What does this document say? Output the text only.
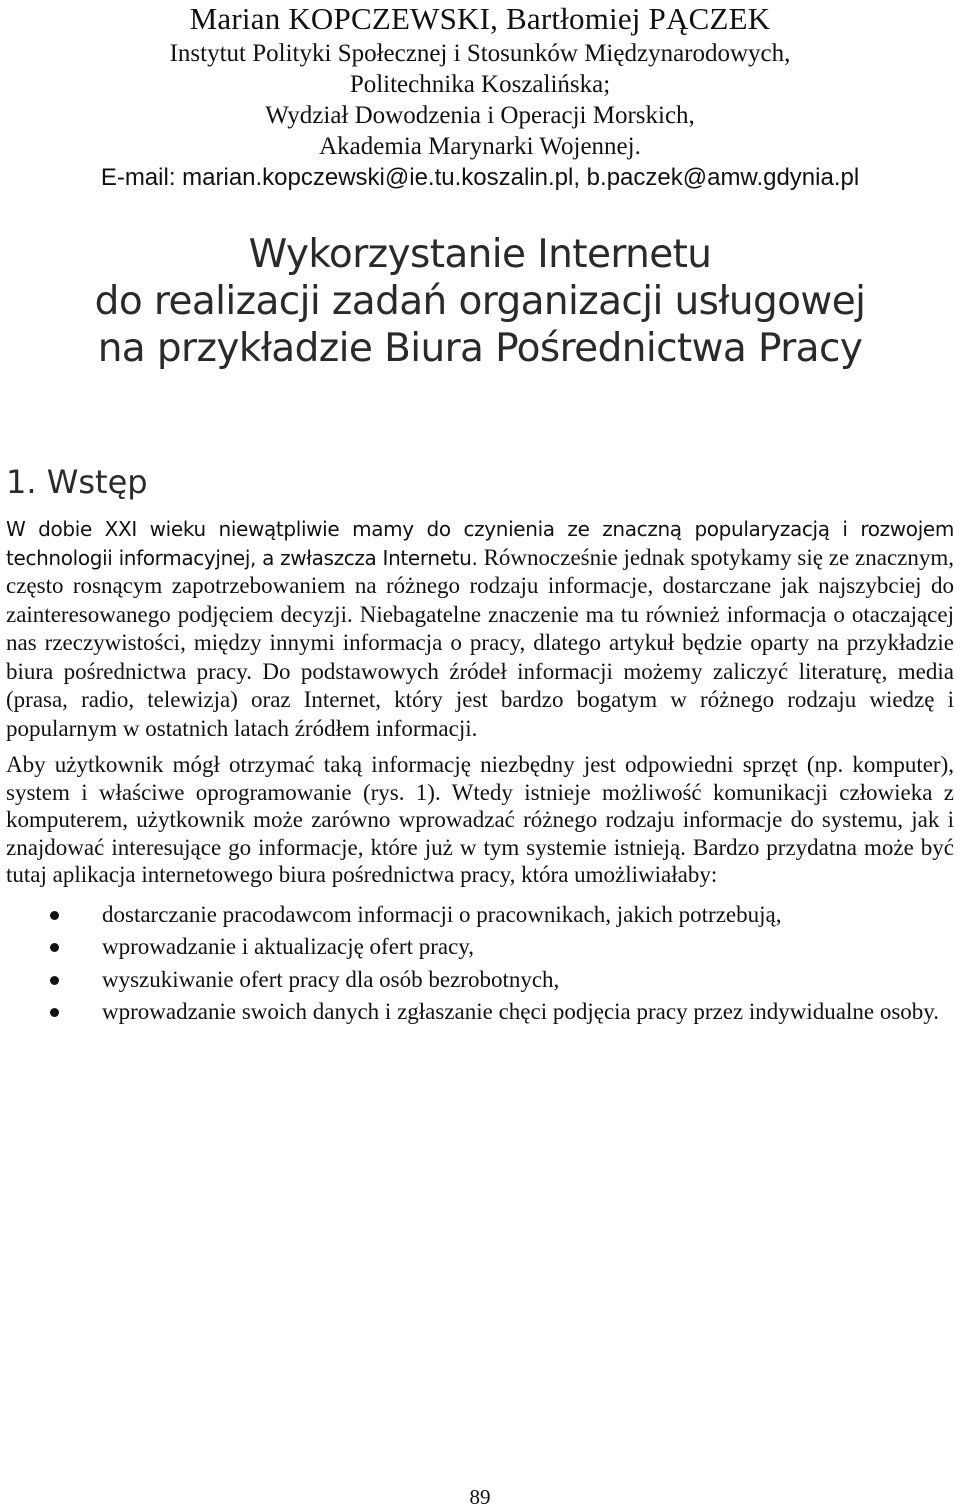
Marian KOPCZEWSKI, Bartłomiej PĄCZEK
Instytut Polityki Społecznej i Stosunków Międzynarodowych,
Politechnika Koszalińska;
Wydział Dowodzenia i Operacji Morskich,
Akademia Marynarki Wojennej.
E-mail: marian.kopczewski@ie.tu.koszalin.pl, b.paczek@amw.gdynia.pl
Wykorzystanie Internetu
do realizacji zadań organizacji usługowej
na przykładzie Biura Pośrednictwa Pracy
1. Wstęp

W dobie XXI wieku niewątpliwie mamy do czynienia ze znaczną popularyzacją i rozwojem technologii informacyjnej, a zwłaszcza Internetu. Równocześnie jednak spotykamy się ze znacznym, często rosnącym zapotrzebowaniem na różnego rodzaju informacje, dostarczane jak najszybciej do zainteresowanego podjęciem decyzji. Niebagatelne znaczenie ma tu również informacja o otaczającej nas rzeczywistości, między innymi informacja o pracy, dlatego artykuł będzie oparty na przykładzie biura pośrednictwa pracy. Do podstawowych źródeł informacji możemy zaliczyć literaturę, media (prasa, radio, telewizja) oraz Internet, który jest bardzo bogatym w różnego rodzaju wiedzę i popularnym w ostatnich latach źródłem informacji.

Aby użytkownik mógł otrzymać taką informację niezbędny jest odpowiedni sprzęt (np. komputer), system i właściwe oprogramowanie (rys. 1). Wtedy istnieje możliwość komunikacji człowieka z komputerem, użytkownik może zarówno wprowadzać różnego rodzaju informacje do systemu, jak i znajdować interesujące go informacje, które już w tym systemie istnieją. Bardzo przydatna może być tutaj aplikacja internetowego biura pośrednictwa pracy, która umożliwiałaby:

dostarczanie pracodawcom informacji o pracownikach, jakich potrzebują,
wprowadzanie i aktualizację ofert pracy,
wyszukiwanie ofert pracy dla osób bezrobotnych,
wprowadzanie swoich danych i zgłaszanie chęci podjęcia pracy przez indywidualne osoby.
89
